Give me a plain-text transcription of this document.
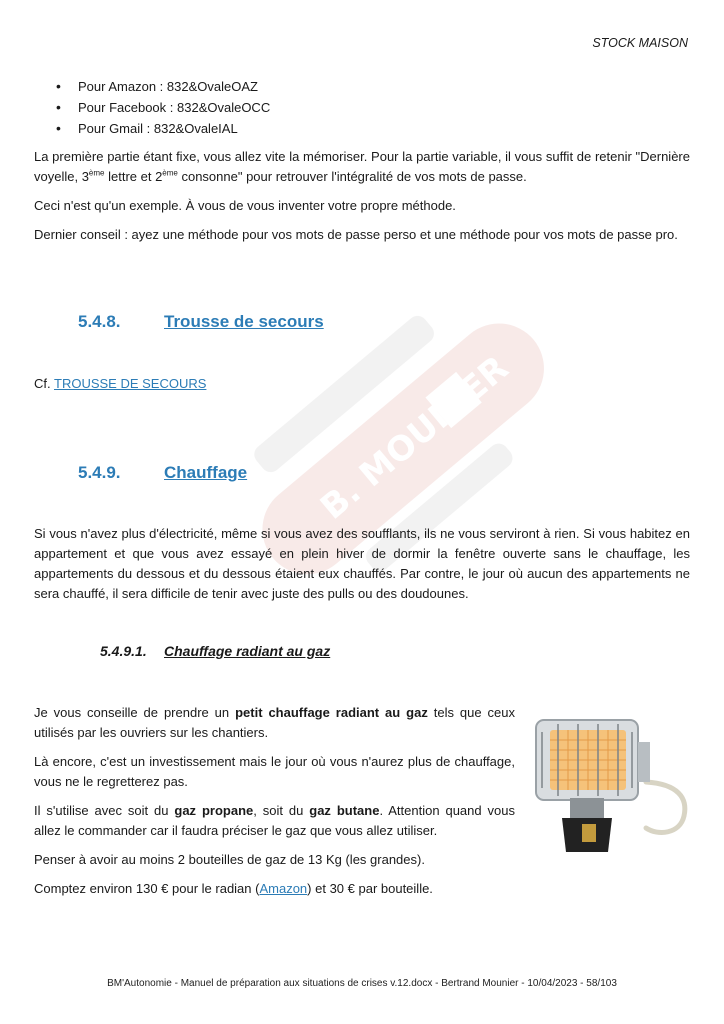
B. MOUNIER
STOCK MAISON
• Pour Amazon : 832&OvaleOAZ
• Pour Facebook : 832&OvaleOCC
• Pour Gmail : 832&OvaleIAL

La première partie étant fixe, vous allez vite la mémoriser. Pour la partie variable, il vous suffit de retenir "Dernière voyelle, 3ème lettre et 2ème consonne" pour retrouver l'intégralité de vos mots de passe.

Ceci n'est qu'un exemple. À vous de vous inventer votre propre méthode.

Dernier conseil : ayez une méthode pour vos mots de passe perso et une méthode pour vos mots de passe pro.

5.4.8.	Trousse de secours

Cf. TROUSSE DE SECOURS

5.4.9.	Chauffage

Si vous n'avez plus d'électricité, même si vous avez des soufflants, ils ne vous serviront à rien. Si vous habitez en appartement et que vous avez essayé en plein hiver de dormir la fenêtre ouverte sans le chauffage, les appartements du dessous et du dessous étaient eux chauffés. Par contre, le jour où aucun des appartements ne sera chauffé, il sera difficile de tenir avec juste des pulls ou des doudounes.

5.4.9.1. Chauffage radiant au gaz

Je vous conseille de prendre un petit chauffage radiant au gaz tels que ceux utilisés par les ouvriers sur les chantiers.

Là encore, c'est un investissement mais le jour où vous n'aurez plus de chauffage, vous ne le regretterez pas.

Il s'utilise avec soit du gaz propane, soit du gaz butane. Attention quand vous allez le commander car il faudra préciser le gaz que vous allez utiliser.

Penser à avoir au moins 2 bouteilles de gaz de 13 Kg (les grandes).

Comptez environ 130 € pour le radian (Amazon) et 30 € par bouteille.

BM'Autonomie - Manuel de préparation aux situations de crises v.12.docx - Bertrand Mounier - 10/04/2023 - 58/103
